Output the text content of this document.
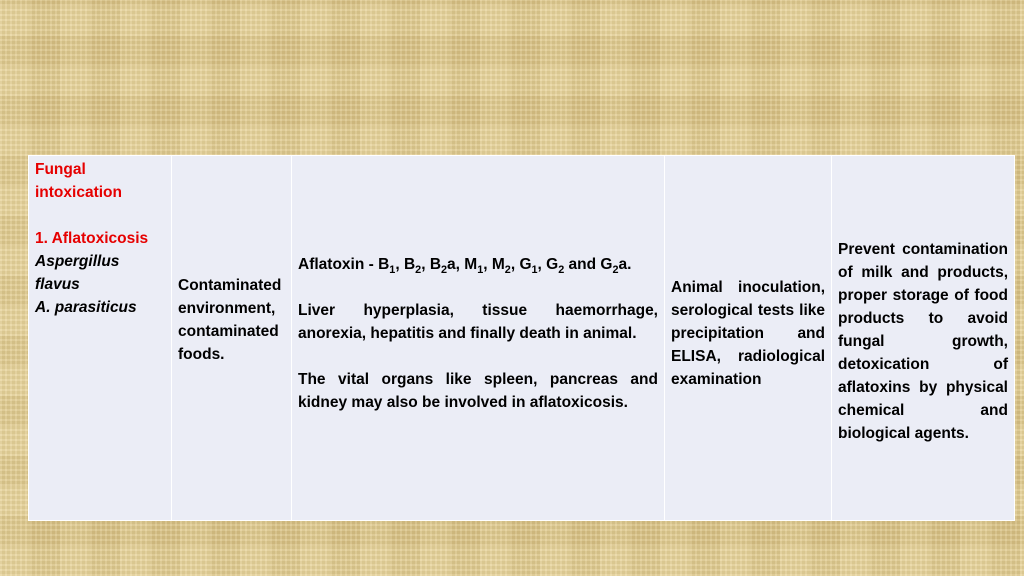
Fungal intoxication
1. Aflatoxicosis
Aspergillus flavus
A. parasiticus

Contaminated environment, contaminated foods.

Aflatoxin - $B_1$, $B_2$, $B_2a$, $M_1$, $M_2$, $G_1$, $G_2$ and $G_2a$.
Liver hyperplasia, tissue haemorrhage, anorexia, hepatitis and finally death in animal.
The vital organs like spleen, pancreas and kidney may also be involved in aflatoxicosis.

Animal inoculation, serological tests like precipitation and ELISA, radiological examination

Prevent contamination of milk and products, proper storage of food products to avoid fungal growth, detoxication of aflatoxins by physical chemical and biological agents.
